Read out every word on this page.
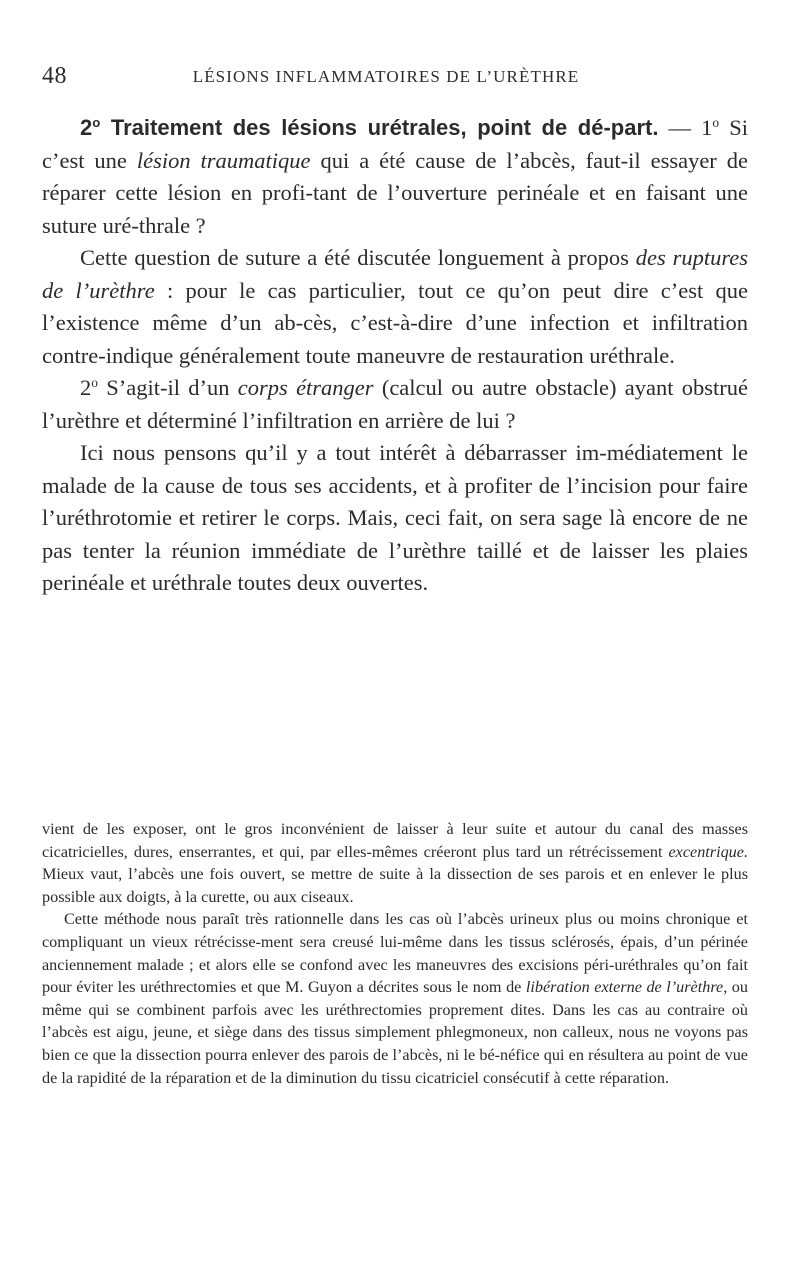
48	LÉSIONS INFLAMMATOIRES DE L’URÈTHRE

2$^o$ Traitement des lésions urétrales, point de dé-part. — 1$^o$ Si c’est une lésion traumatique qui a été cause de l’abcès, faut-il essayer de réparer cette lésion en profi-tant de l’ouverture perinéale et en faisant une suture uré-thrale ?

Cette question de suture a été discutée longuement à propos des ruptures de l’urèthre : pour le cas particulier, tout ce qu’on peut dire c’est que l’existence même d’un ab-cès, c’est-à-dire d’une infection et infiltration contre-indique généralement toute maneuvre de restauration uréthrale.

2$^o$ S’agit-il d’un corps étranger (calcul ou autre obstacle) ayant obstrué l’urèthre et déterminé l’infiltration en arrière de lui ?

Ici nous pensons qu’il y a tout intérêt à débarrasser im-médiatement le malade de la cause de tous ses accidents, et à profiter de l’incision pour faire l’uréthrotomie et retirer le corps. Mais, ceci fait, on sera sage là encore de ne pas tenter la réunion immédiate de l’urèthre taillé et de laisser les plaies perinéale et uréthrale toutes deux ouvertes.

vient de les exposer, ont le gros inconvénient de laisser à leur suite et autour du canal des masses cicatricielles, dures, enserrantes, et qui, par elles-mêmes créeront plus tard un rétrécissement excentrique. Mieux vaut, l’abcès une fois ouvert, se mettre de suite à la dissection de ses parois et en enlever le plus possible aux doigts, à la curette, ou aux ciseaux.

Cette méthode nous paraît très rationnelle dans les cas où l’abcès urineux plus ou moins chronique et compliquant un vieux rétrécisse-ment sera creusé lui-même dans les tissus sclérosés, épais, d’un périnée anciennement malade ; et alors elle se confond avec les maneuvres des excisions péri-uréthrales qu’on fait pour éviter les uréthrectomies et que M. Guyon a décrites sous le nom de libération externe de l’urèthre, ou même qui se combinent parfois avec les uréthrectomies proprement dites. Dans les cas au contraire où l’abcès est aigu, jeune, et siège dans des tissus simplement phlegmoneux, non calleux, nous ne voyons pas bien ce que la dissection pourra enlever des parois de l’abcès, ni le bé-néfice qui en résultera au point de vue de la rapidité de la réparation et de la diminution du tissu cicatriciel consécutif à cette réparation.
